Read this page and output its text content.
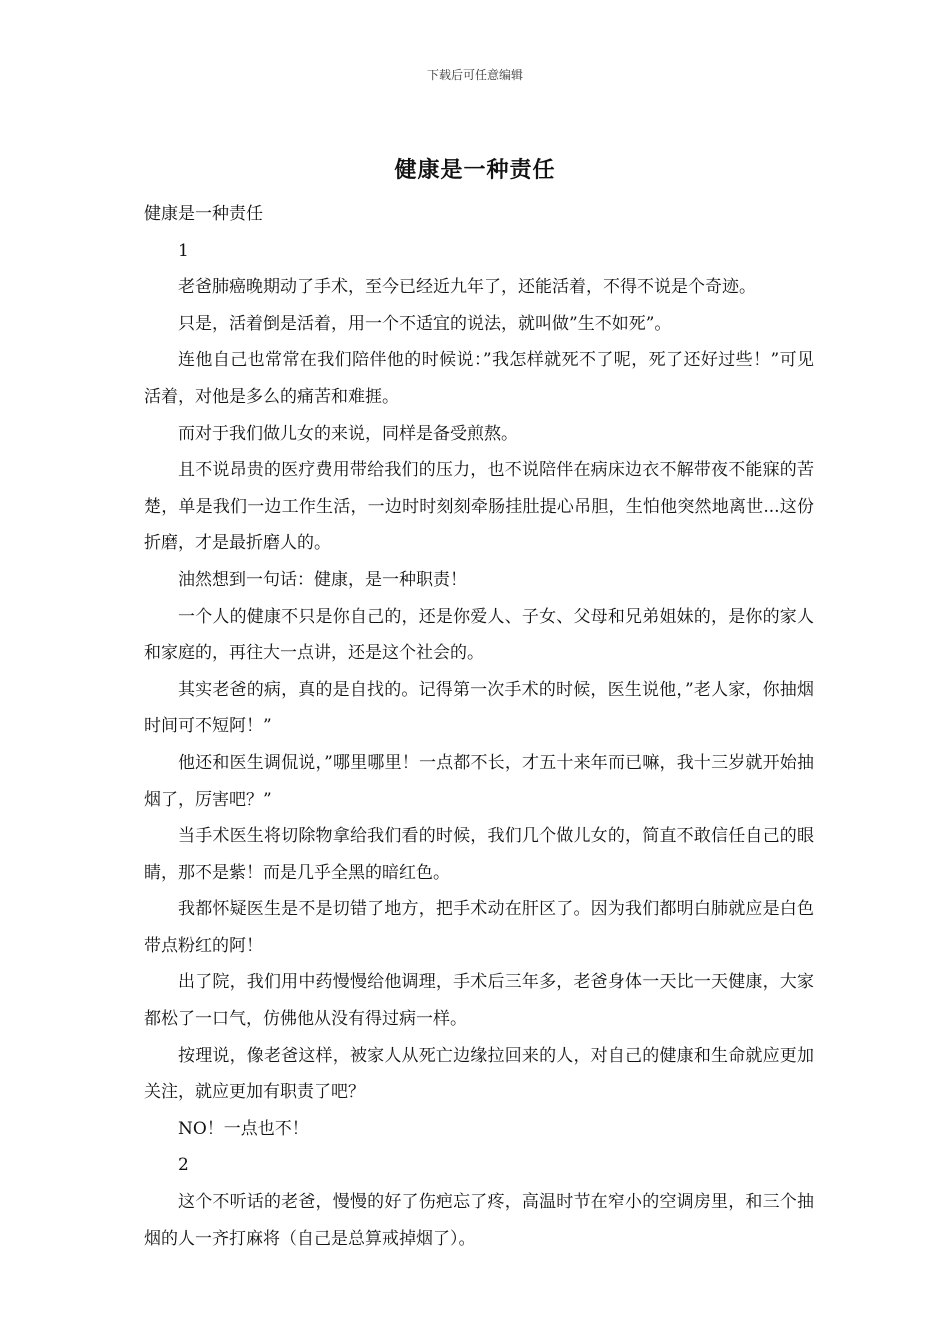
下载后可任意编辑
健康是一种责任

健康是一种责任

1

老爸肺癌晚期动了手术，至今已经近九年了，还能活着，不得不说是个奇迹。

只是，活着倒是活着，用一个不适宜的说法，就叫做”生不如死”。

连他自己也常常在我们陪伴他的时候说：”我怎样就死不了呢，死了还好过些！”可见活着，对他是多么的痛苦和难捱。

而对于我们做儿女的来说，同样是备受煎熬。

且不说昂贵的医疗费用带给我们的压力，也不说陪伴在病床边衣不解带夜不能寐的苦楚，单是我们一边工作生活，一边时时刻刻牵肠挂肚提心吊胆，生怕他突然地离世...这份折磨，才是最折磨人的。

油然想到一句话：健康，是一种职责！

一个人的健康不只是你自己的，还是你爱人、子女、父母和兄弟姐妹的，是你的家人和家庭的，再往大一点讲，还是这个社会的。

其实老爸的病，真的是自找的。记得第一次手术的时候，医生说他，”老人家，你抽烟时间可不短阿！”

他还和医生调侃说，”哪里哪里！一点都不长，才五十来年而已嘛，我十三岁就开始抽烟了，厉害吧？”

当手术医生将切除物拿给我们看的时候，我们几个做儿女的，简直不敢信任自己的眼睛，那不是紫！而是几乎全黑的暗红色。

我都怀疑医生是不是切错了地方，把手术动在肝区了。因为我们都明白肺就应是白色带点粉红的阿！

出了院，我们用中药慢慢给他调理，手术后三年多，老爸身体一天比一天健康，大家都松了一口气，仿佛他从没有得过病一样。

按理说，像老爸这样，被家人从死亡边缘拉回来的人，对自己的健康和生命就应更加关注，就应更加有职责了吧？

NO！一点也不！

2

这个不听话的老爸，慢慢的好了伤疤忘了疼，高温时节在窄小的空调房里，和三个抽烟的人一齐打麻将（自己是总算戒掉烟了）。
